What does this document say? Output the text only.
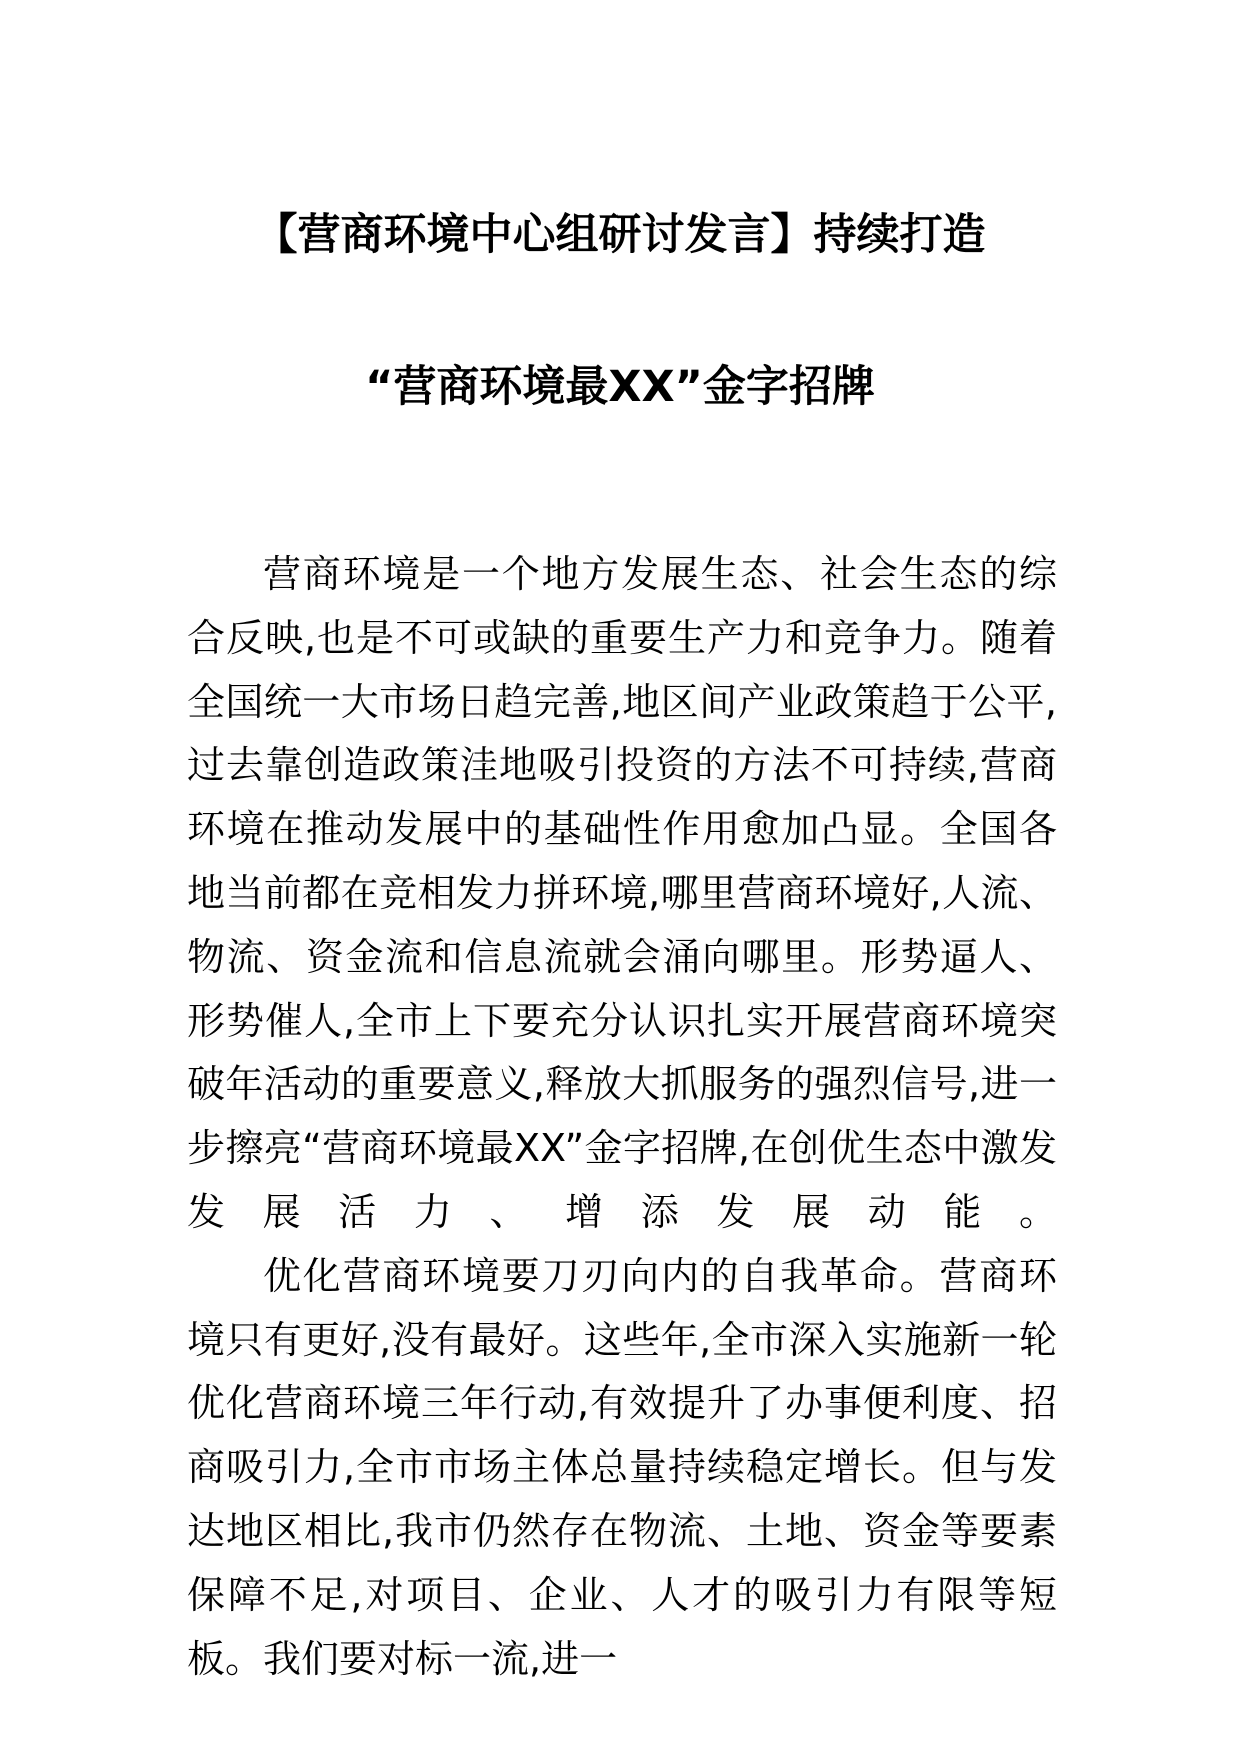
【营商环境中心组研讨发言】持续打造
“营商环境最XX”金字招牌

营商环境是一个地方发展生态、社会生态的综合反映,也是不可或缺的重要生产力和竞争力。随着全国统一大市场日趋完善,地区间产业政策趋于公平,过去靠创造政策洼地吸引投资的方法不可持续,营商环境在推动发展中的基础性作用愈加凸显。全国各地当前都在竞相发力拼环境,哪里营商环境好,人流、物流、资金流和信息流就会涌向哪里。形势逼人、形势催人,全市上下要充分认识扎实开展营商环境突破年活动的重要意义,释放大抓服务的强烈信号,进一步擦亮“营商环境最XX”金字招牌,在创优生态中激发发展活力、增添发展动能。

优化营商环境要刀刃向内的自我革命。营商环境只有更好,没有最好。这些年,全市深入实施新一轮优化营商环境三年行动,有效提升了办事便利度、招商吸引力,全市市场主体总量持续稳定增长。但与发达地区相比,我市仍然存在物流、土地、资金等要素保障不足,对项目、企业、人才的吸引力有限等短板。我们要对标一流,进一
